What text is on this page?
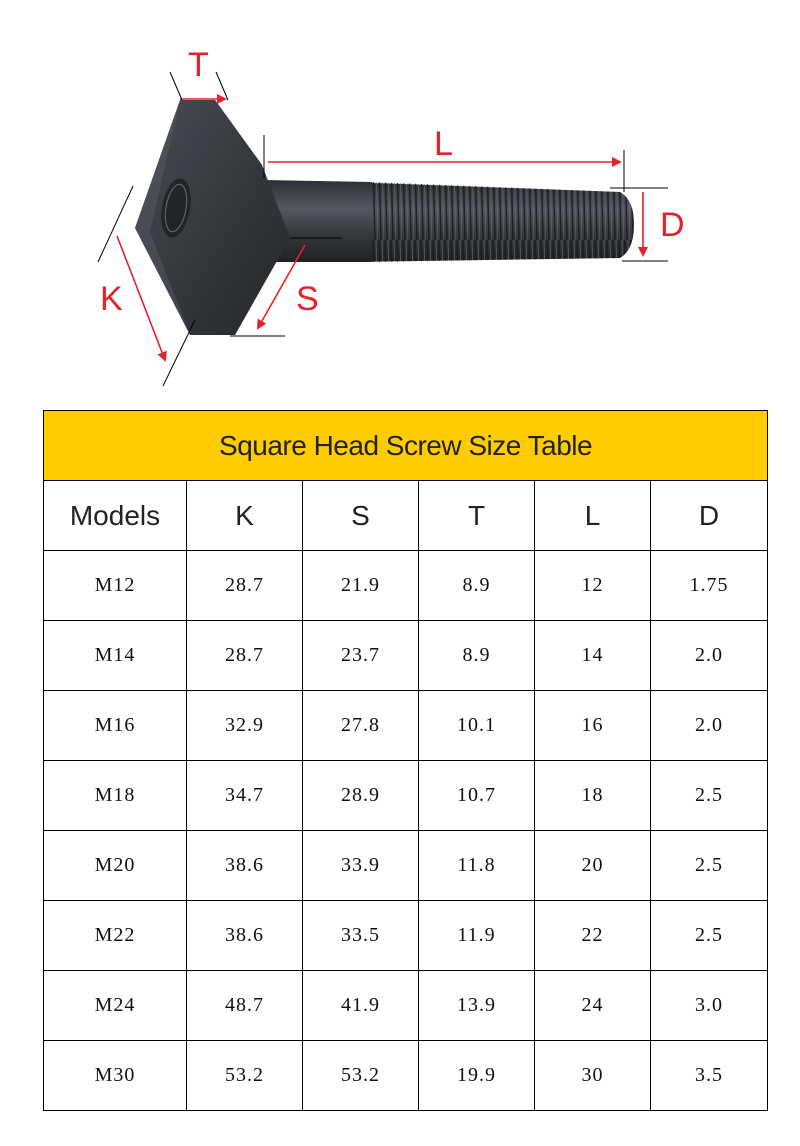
T
L
D
K	S
Square Head Screw Size Table					
Models	K	S	T	L	D
M12	28.7	21.9	8.9	12	1.75
M14	28.7	23.7	8.9	14	2.0
M16	32.9	27.8	10.1	16	2.0
M18	34.7	28.9	10.7	18	2.5
M20	38.6	33.9	11.8	20	2.5
M22	38.6	33.5	11.9	22	2.5
M24	48.7	41.9	13.9	24	3.0
M30	53.2	53.2	19.9	30	3.5
